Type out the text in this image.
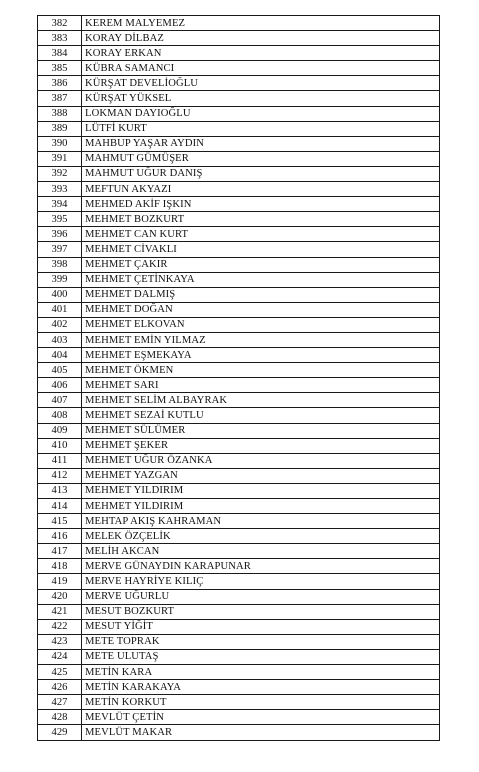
382	KEREM MALYEMEZ
383	KORAY DİLBAZ
384	KORAY ERKAN
385	KÜBRA SAMANCI
386	KÜRŞAT DEVELİOĞLU
387	KÜRŞAT YÜKSEL
388	LOKMAN DAYIOĞLU
389	LÜTFİ KURT
390	MAHBUP YAŞAR AYDIN
391	MAHMUT GÜMÜŞER
392	MAHMUT UĞUR DANIŞ
393	MEFTUN AKYAZI
394	MEHMED AKİF IŞKIN
395	MEHMET BOZKURT
396	MEHMET CAN KURT
397	MEHMET CİVAKLI
398	MEHMET ÇAKIR
399	MEHMET ÇETİNKAYA
400	MEHMET DALMIŞ
401	MEHMET DOĞAN
402	MEHMET ELKOVAN
403	MEHMET EMİN YILMAZ
404	MEHMET EŞMEKAYA
405	MEHMET ÖKMEN
406	MEHMET SARI
407	MEHMET SELİM ALBAYRAK
408	MEHMET SEZAİ KUTLU
409	MEHMET SÜLÜMER
410	MEHMET ŞEKER
411	MEHMET UĞUR ÖZANKA
412	MEHMET YAZGAN
413	MEHMET YILDIRIM
414	MEHMET YILDIRIM
415	MEHTAP AKIŞ KAHRAMAN
416	MELEK ÖZÇELİK
417	MELİH AKCAN
418	MERVE GÜNAYDIN KARAPUNAR
419	MERVE HAYRİYE KILIÇ
420	MERVE UĞURLU
421	MESUT BOZKURT
422	MESUT YİĞİT
423	METE TOPRAK
424	METE ULUTAŞ
425	METİN KARA
426	METİN KARAKAYA
427	METİN KORKUT
428	MEVLÜT ÇETİN
429	MEVLÜT MAKAR
